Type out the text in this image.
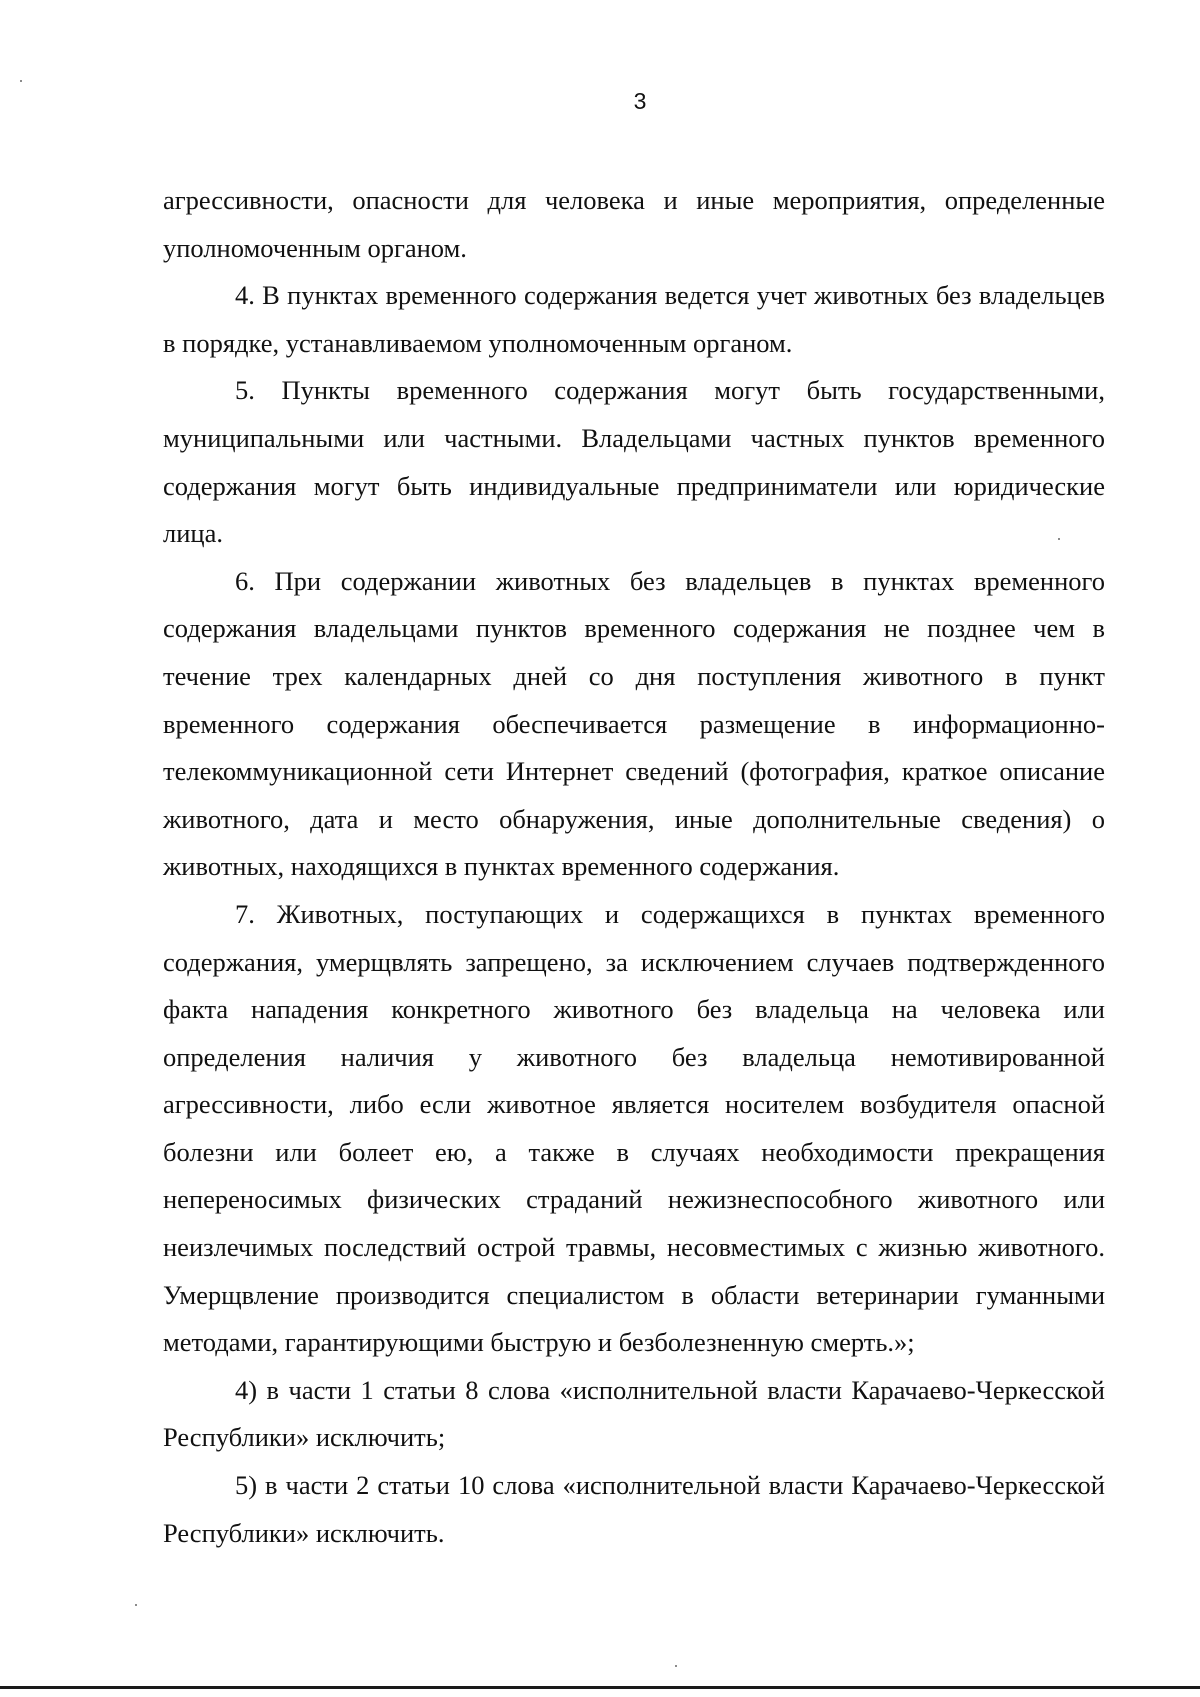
3

агрессивности, опасности для человека и иные мероприятия, определенные уполномоченным органом.

4. В пунктах временного содержания ведется учет животных без владельцев в порядке, устанавливаемом уполномоченным органом.

5. Пункты временного содержания могут быть государственными, муниципальными или частными. Владельцами частных пунктов временного содержания могут быть индивидуальные предприниматели или юридические лица.

6. При содержании животных без владельцев в пунктах временного содержания владельцами пунктов временного содержания не позднее чем в течение трех календарных дней со дня поступления животного в пункт временного содержания обеспечивается размещение в информационно-телекоммуникационной сети Интернет сведений (фотография, краткое описание животного, дата и место обнаружения, иные дополнительные сведения) о животных, находящихся в пунктах временного содержания.

7. Животных, поступающих и содержащихся в пунктах временного содержания, умерщвлять запрещено, за исключением случаев подтвержденного факта нападения конкретного животного без владельца на человека или определения наличия у животного без владельца немотивированной агрессивности, либо если животное является носителем возбудителя опасной болезни или болеет ею, а также в случаях необходимости прекращения непереносимых физических страданий нежизнеспособного животного или неизлечимых последствий острой травмы, несовместимых с жизнью животного. Умерщвление производится специалистом в области ветеринарии гуманными методами, гарантирующими быструю и безболезненную смерть.»;

4) в части 1 статьи 8 слова «исполнительной власти Карачаево-Черкесской Республики» исключить;

5) в части 2 статьи 10 слова «исполнительной власти Карачаево-Черкесской Республики» исключить.
